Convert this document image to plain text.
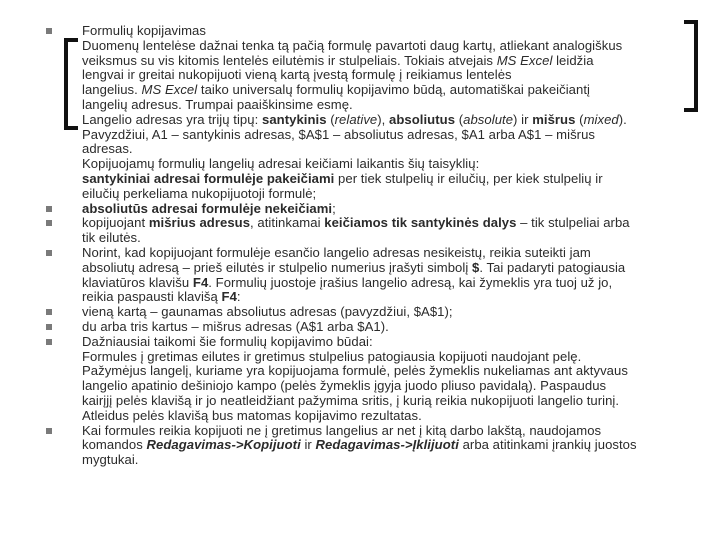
Formulių kopijavimas
Duomenų lentelėse dažnai tenka tą pačią formulę pavartoti daug kartų, atliekant analogiškus
veiksmus su vis kitomis lentelės eilutėmis ir stulpeliais. Tokiais atvejais MS Excel leidžia
lengvai ir greitai nukopijuoti vieną kartą įvestą formulę į reikiamus lentelės
langelius. MS Excel taiko universalų formulių kopijavimo būdą, automatiškai pakeičiantį
langelių adresus. Trumpai paaiškinsime esmę.
Langelio adresas yra trijų tipų: santykinis (relative), absoliutus (absolute) ir mišrus (mixed).
Pavyzdžiui, A1 – santykinis adresas, $A$1 – absoliutus adresas, $A1 arba A$1 – mišrus
adresas.
Kopijuojamų formulių langelių adresai keičiami laikantis šių taisyklių:
santykiniai adresai formulėje pakeičiami per tiek stulpelių ir eilučių, per kiek stulpelių ir
eilučių perkeliama nukopijuotoji formulė;
absoliutūs adresai formulėje nekeičiami;
kopijuojant mišrius adresus, atitinkamai keičiamos tik santykinės dalys – tik stulpeliai arba
tik eilutės.
Norint, kad kopijuojant formulėje esančio langelio adresas nesikeistų, reikia suteikti jam
absoliutų adresą – prieš eilutės ir stulpelio numerius įrašyti simbolį $. Tai padaryti patogiausia
klaviatūros klavišu F4. Formulių juostoje įrašius langelio adresą, kai žymeklis yra tuoj už jo,
reikia paspausti klavišą F4:
vieną kartą – gaunamas absoliutus adresas (pavyzdžiui, $A$1);
du arba tris kartus – mišrus adresas (A$1 arba $A1).
Dažniausiai taikomi šie formulių kopijavimo būdai:
Formules į gretimas eilutes ir gretimus stulpelius patogiausia kopijuoti naudojant pelę.
Pažymėjus langelį, kuriame yra kopijuojama formulė, pelės žymeklis nukeliamas ant aktyvaus
langelio apatinio dešiniojo kampo (pelės žymeklis įgyja juodo pliuso pavidalą). Paspaudus
kairįjį pelės klavišą ir jo neatleidžiant pažymima sritis, į kurią reikia nukopijuoti langelio turinį.
Atleidus pelės klavišą bus matomas kopijavimo rezultatas.
Kai formules reikia kopijuoti ne į gretimus langelius ar net į kitą darbo lakštą, naudojamos
komandos Redagavimas->Kopijuoti ir Redagavimas->Įklijuoti arba atitinkami įrankių juostos
mygtukai.
